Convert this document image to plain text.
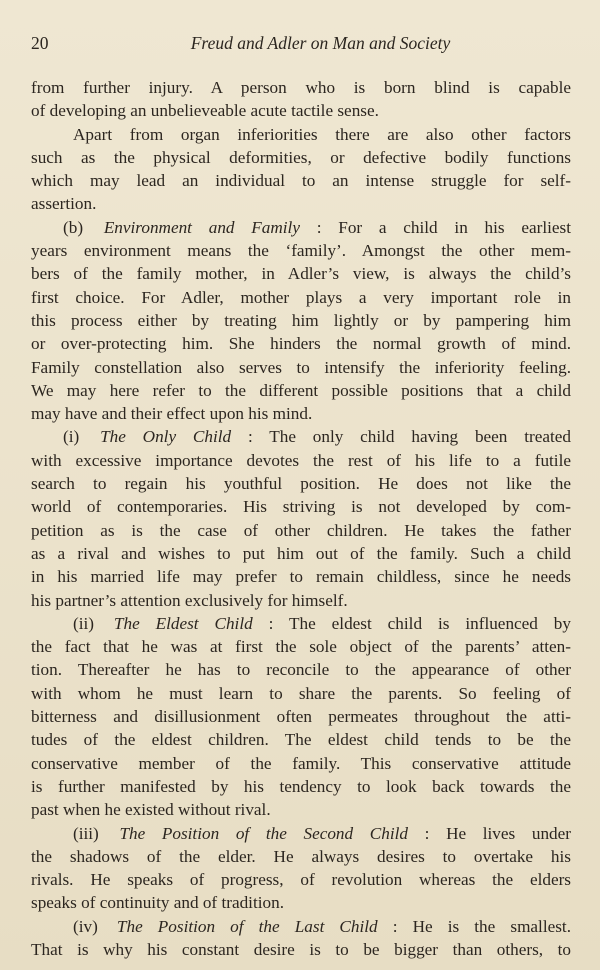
20	Freud and Adler on Man and Society
from further injury. A person who is born blind is capable
of developing an unbelieveable acute tactile sense.
Apart from organ inferiorities there are also other factors
such as the physical deformities, or defective bodily functions
which may lead an individual to an intense struggle for self-
assertion.
(b) Environment and Family : For a child in his earliest
years environment means the ‘family’. Amongst the other mem-
bers of the family mother, in Adler’s view, is always the child’s
first choice. For Adler, mother plays a very important role in
this process either by treating him lightly or by pampering him
or over-protecting him. She hinders the normal growth of mind.
Family constellation also serves to intensify the inferiority feeling.
We may here refer to the different possible positions that a child
may have and their effect upon his mind.
(i) The Only Child : The only child having been treated
with excessive importance devotes the rest of his life to a futile
search to regain his youthful position. He does not like the
world of contemporaries. His striving is not developed by com-
petition as is the case of other children. He takes the father
as a rival and wishes to put him out of the family. Such a child
in his married life may prefer to remain childless, since he needs
his partner’s attention exclusively for himself.
(ii) The Eldest Child : The eldest child is influenced by
the fact that he was at first the sole object of the parents’ atten-
tion. Thereafter he has to reconcile to the appearance of other
with whom he must learn to share the parents. So feeling of
bitterness and disillusionment often permeates throughout the atti-
tudes of the eldest children. The eldest child tends to be the
conservative member of the family. This conservative attitude
is further manifested by his tendency to look back towards the
past when he existed without rival.
(iii) The Position of the Second Child : He lives under
the shadows of the elder. He always desires to overtake his
rivals. He speaks of progress, of revolution whereas the elders
speaks of continuity and of tradition.
(iv) The Position of the Last Child : He is the smallest.
That is why his constant desire is to be bigger than others, to
